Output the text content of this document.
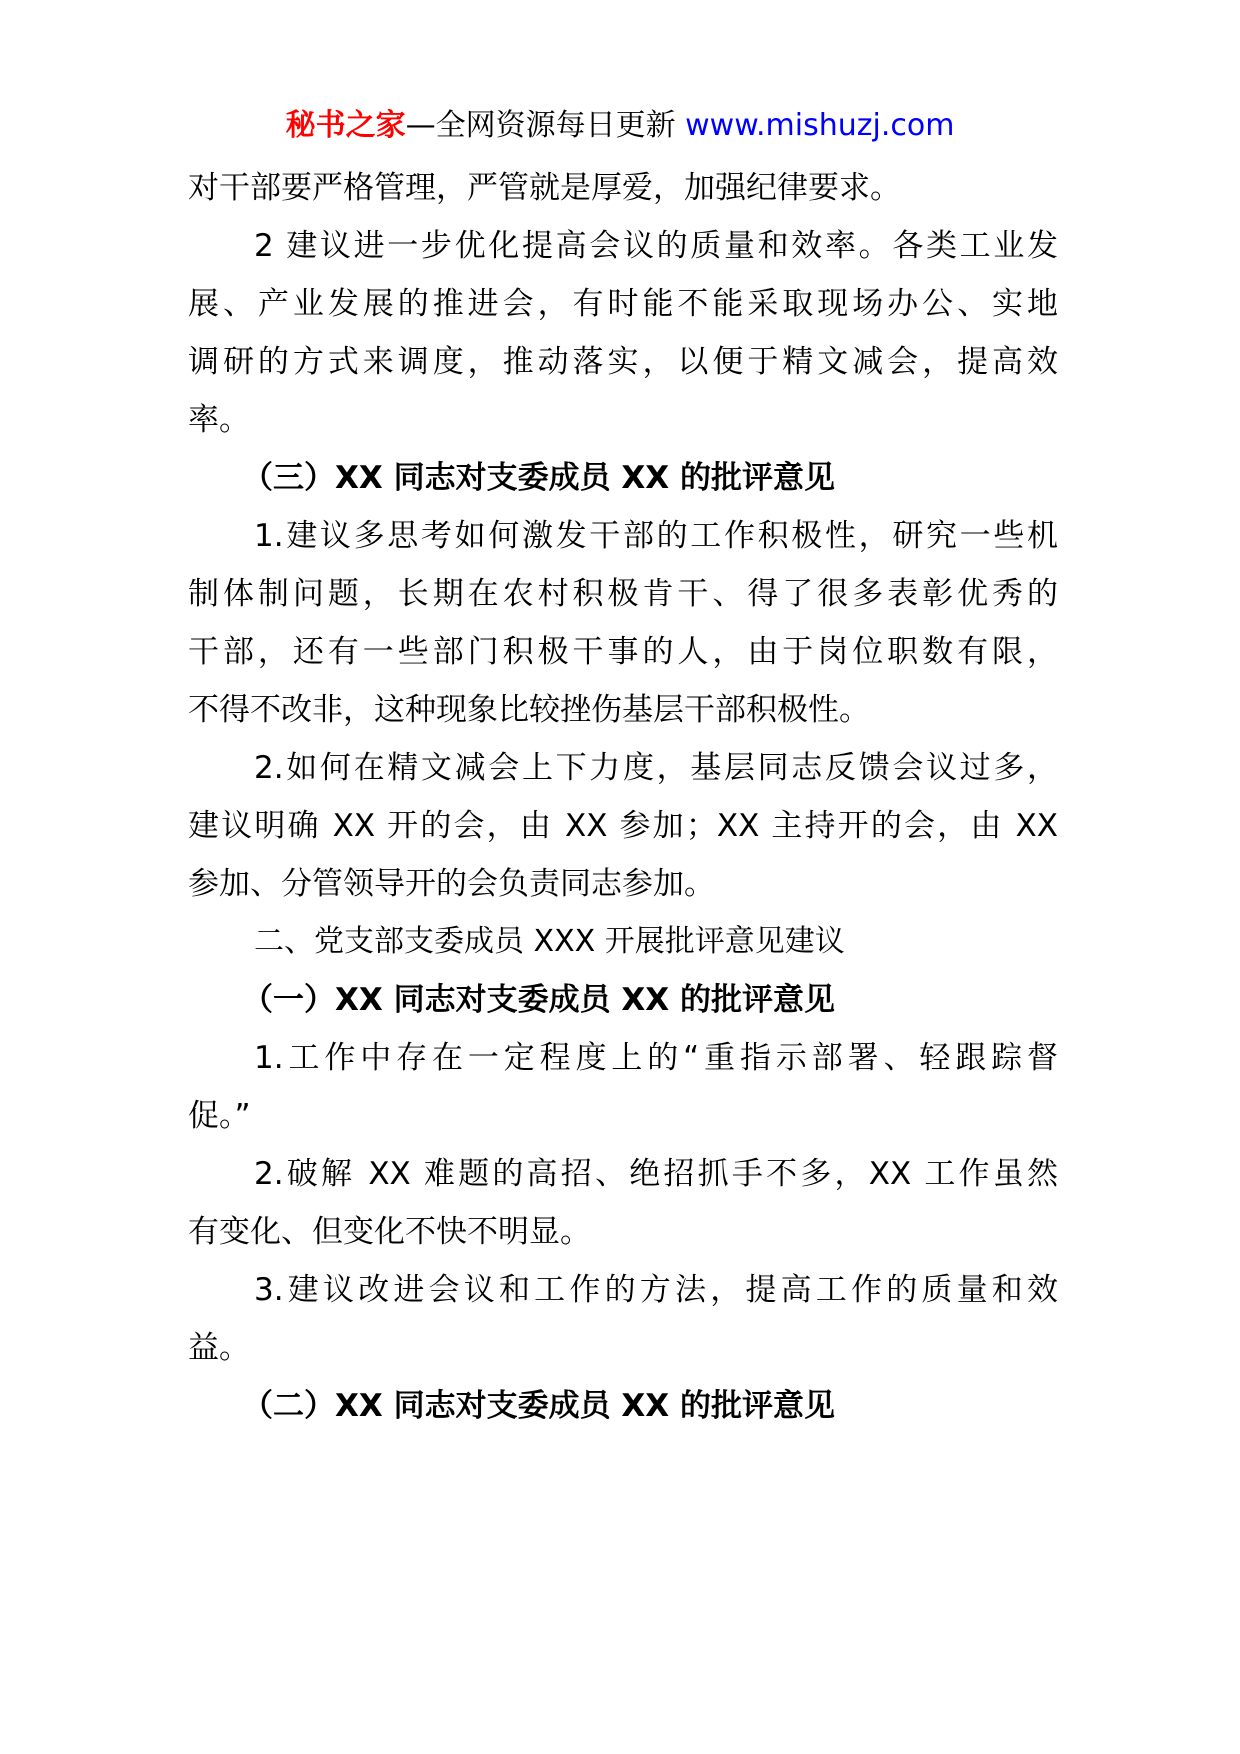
秘书之家—全网资源每日更新 www.mishuzj.com
对干部要严格管理，严管就是厚爱，加强纪律要求。
2 建议进一步优化提高会议的质量和效率。各类工业发
展、产业发展的推进会，有时能不能采取现场办公、实地
调研的方式来调度，推动落实，以便于精文减会，提高效
率。
（三）XX 同志对支委成员 XX 的批评意见
1.建议多思考如何激发干部的工作积极性，研究一些机
制体制问题，长期在农村积极肯干、得了很多表彰优秀的
干部，还有一些部门积极干事的人，由于岗位职数有限，
不得不改非，这种现象比较挫伤基层干部积极性。
2.如何在精文减会上下力度，基层同志反馈会议过多，
建议明确 XX 开的会，由 XX 参加；XX 主持开的会，由 XX
参加、分管领导开的会负责同志参加。
二、党支部支委成员 XXX 开展批评意见建议
（一）XX 同志对支委成员 XX 的批评意见
1.工作中存在一定程度上的“重指示部署、轻跟踪督
促。”
2.破解 XX 难题的高招、绝招抓手不多，XX 工作虽然
有变化、但变化不快不明显。
3.建议改进会议和工作的方法，提高工作的质量和效
益。
（二）XX 同志对支委成员 XX 的批评意见
